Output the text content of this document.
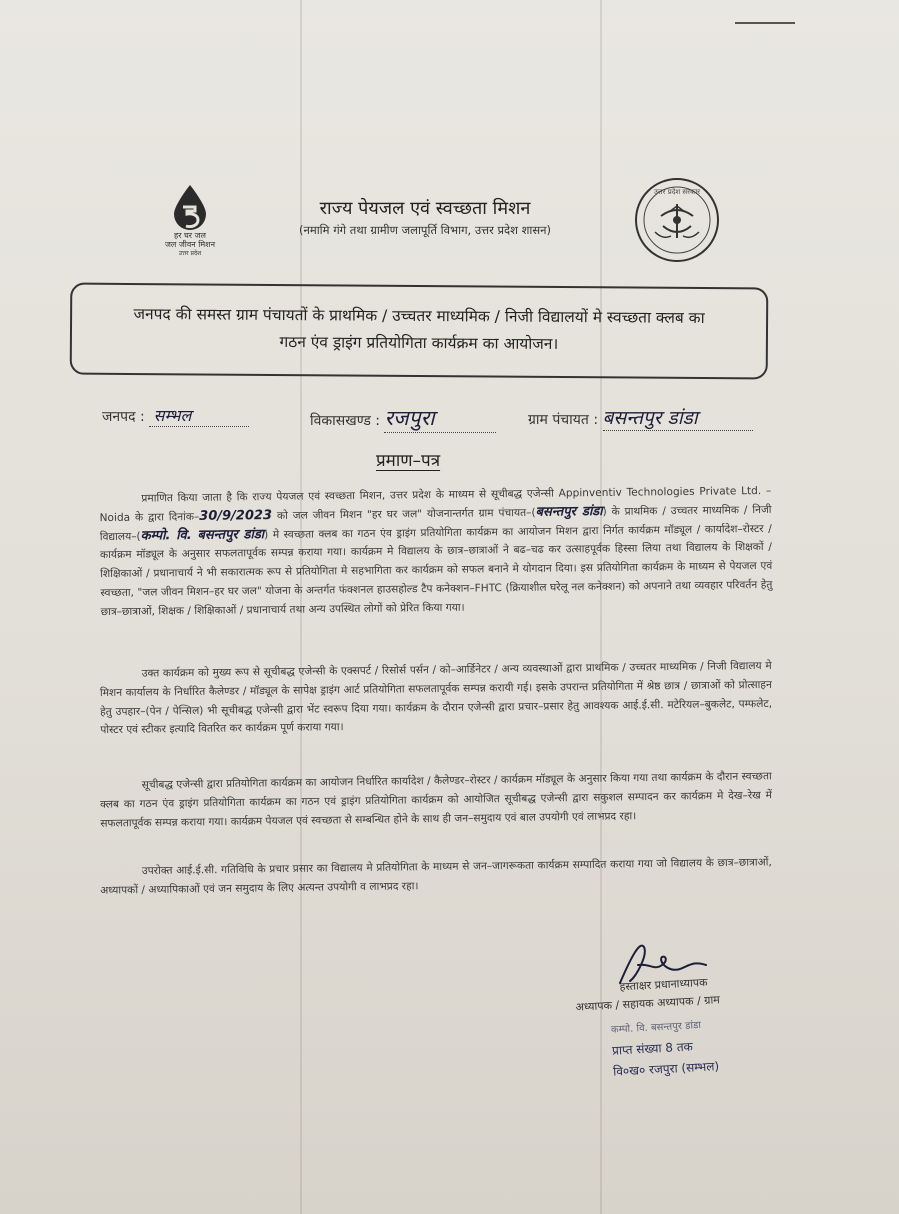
हर घर जल
जल जीवन मिशन
उत्तर प्रदेश
राज्य पेयजल एवं स्वच्छता मिशन
(नमामि गंगे तथा ग्रामीण जलापूर्ति विभाग, उत्तर प्रदेश शासन)
उत्तर प्रदेश सरकार
जनपद की समस्त ग्राम पंचायतों के प्राथमिक / उच्चतर माध्यमिक / निजी विद्यालयों मे स्वच्छता क्लब का
गठन एंव ड्राइंग प्रतियोगिता कार्यक्रम का आयोजन।
जनपद : सम्भल	विकासखण्ड : रजपुरा	ग्राम पंचायत : बसन्तपुर डांडा
प्रमाण–पत्र
प्रमाणित किया जाता है कि राज्य पेयजल एवं स्वच्छता मिशन, उत्तर प्रदेश के माध्यम से सूचीबद्ध एजेन्सी Appinventiv Technologies Private Ltd. – Noida के द्वारा दिनांक–30/9/2023 को जल जीवन मिशन "हर घर जल" योजनान्तर्गत ग्राम पंचायत–(बसन्तपुर डांडा) के प्राथमिक / उच्चतर माध्यमिक / निजी विद्यालय–(कम्पो. वि. बसन्तपुर डांडा) मे स्वच्छता क्लब का गठन एंव ड्राइंग प्रतियोगिता कार्यक्रम का आयोजन मिशन द्वारा निर्गत कार्यक्रम मॉड्यूल / कार्यादेश–रोस्टर / कार्यक्रम मॉड्यूल के अनुसार सफलतापूर्वक सम्पन्न कराया गया। कार्यक्रम मे विद्यालय के छात्र–छात्राओं ने बढ–चढ कर उत्साहपूर्वक हिस्सा लिया तथा विद्यालय के शिक्षकों / शिक्षिकाओं / प्रधानाचार्य ने भी सकारात्मक रूप से प्रतियोगिता मे सहभागिता कर कार्यक्रम को सफल बनाने मे योगदान दिया। इस प्रतियोगिता कार्यक्रम के माध्यम से पेयजल एवं स्वच्छता, "जल जीवन मिशन–हर घर जल" योजना के अन्तर्गत फंक्शनल हाउसहोल्ड टैप कनेक्शन–FHTC (क्रियाशील घरेलू नल कनेक्शन) को अपनाने तथा व्यवहार परिवर्तन हेतु छात्र–छात्राओं, शिक्षक / शिक्षिकाओं / प्रधानाचार्य तथा अन्य उपस्थित लोगों को प्रेरित किया गया।
उक्त कार्यक्रम को मुख्य रूप से सूचीबद्ध एजेन्सी के एक्सपर्ट / रिसोर्स पर्सन / को–आर्डिनेटर / अन्य व्यवस्थाओं द्वारा प्राथमिक / उच्चतर माध्यमिक / निजी विद्यालय मे मिशन कार्यालय के निर्धारित कैलेण्डर / मॉड्यूल के सापेक्ष ड्राइंग आर्ट प्रतियोगिता सफलतापूर्वक सम्पन्न करायी गई। इसके उपरान्त प्रतियोगिता में श्रेष्ठ छात्र / छात्राओं को प्रोत्साहन हेतु उपहार–(पेन / पेन्सिल) भी सूचीबद्ध एजेन्सी द्वारा भेंट स्वरूप दिया गया। कार्यक्रम के दौरान एजेन्सी द्वारा प्रचार–प्रसार हेतु आवश्यक आई.ई.सी. मटेरियल–बुकलेट, पम्फलेट, पोस्टर एवं स्टीकर इत्यादि वितरित कर कार्यक्रम पूर्ण कराया गया।
सूचीबद्ध एजेन्सी द्वारा प्रतियोगिता कार्यक्रम का आयोजन निर्धारित कार्यादेश / कैलेण्डर–रोस्टर / कार्यक्रम मॉड्यूल के अनुसार किया गया तथा कार्यक्रम के दौरान स्वच्छता क्लब का गठन एंव ड्राइंग प्रतियोगिता कार्यक्रम का गठन एवं ड्राइंग प्रतियोगिता कार्यक्रम को आयोजित सूचीबद्ध एजेन्सी द्वारा सकुशल सम्पादन कर कार्यक्रम मे देख–रेख में सफलतापूर्वक सम्पन्न कराया गया। कार्यक्रम पेयजल एवं स्वच्छता से सम्बन्धित होने के साथ ही जन–समुदाय एवं बाल उपयोगी एवं लाभप्रद रहा।
उपरोक्त आई.ई.सी. गतिविधि के प्रचार प्रसार का विद्यालय मे प्रतियोगिता के माध्यम से जन–जागरूकता कार्यक्रम सम्पादित कराया गया जो विद्यालय के छात्र–छात्राओं, अध्यापकों / अध्यापिकाओं एवं जन समुदाय के लिए अत्यन्त उपयोगी व लाभप्रद रहा।
हस्ताक्षर प्रधानाध्यापक
अध्यापक / सहायक अध्यापक / ग्राम
कम्पो. वि. बसन्तपुर डांडा
प्राप्त संख्या 8 तक
वि०ख० रजपुरा (सम्भल)
